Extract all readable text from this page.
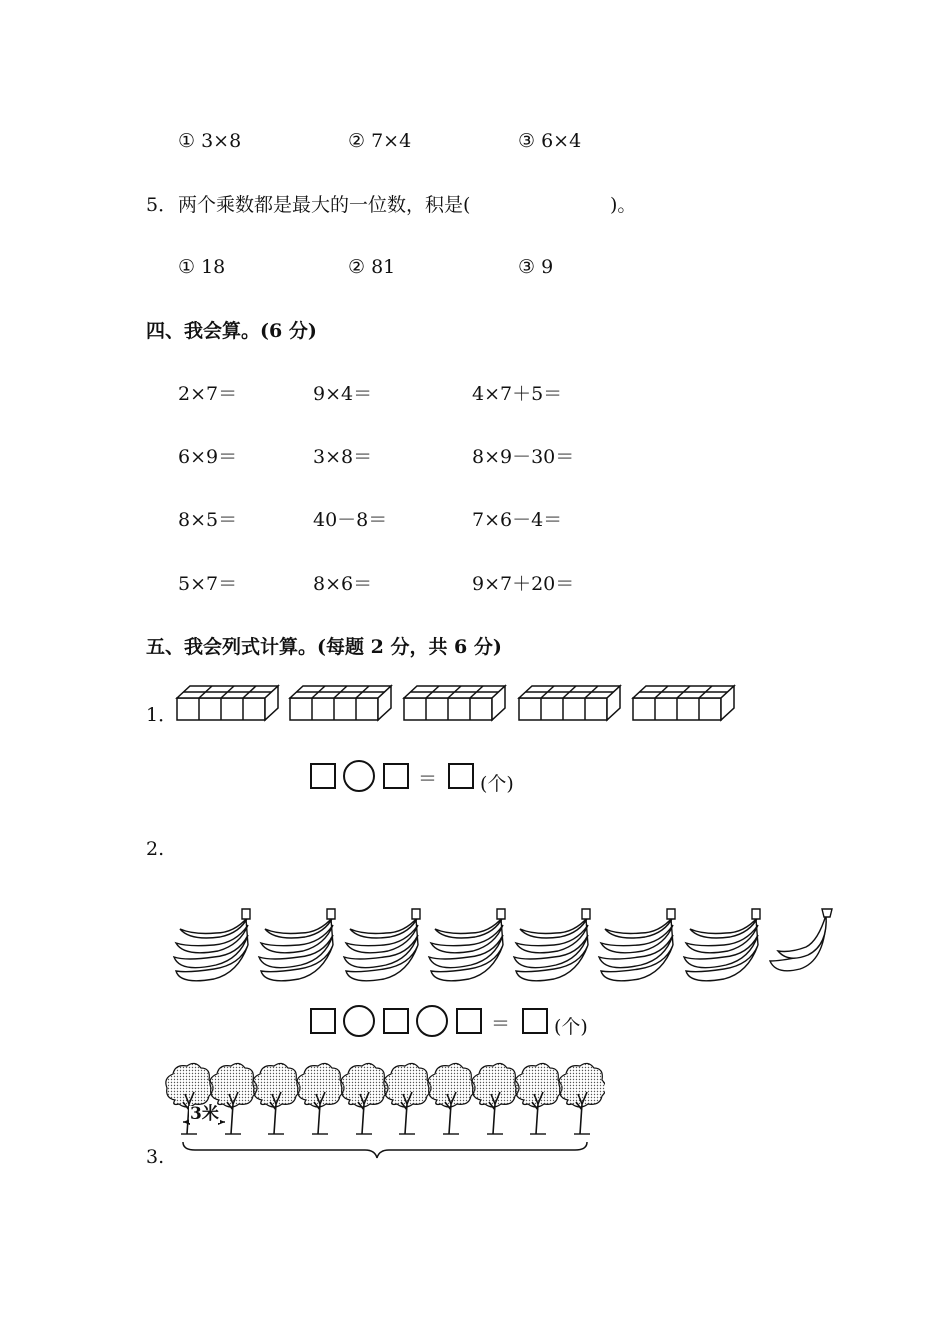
① 3×8	② 7×4	③ 6×4
5． 两个乘数都是最大的一位数，积是(	)。
① 18	② 81	③ 9
四、我会算。(6 分)
2×7＝	9×4＝	4×7＋5＝
6×9＝	3×8＝	8×9－30＝
8×5＝	40－8＝	7×6－4＝
5×7＝	8×6＝	9×7＋20＝
五、我会列式计算。(每题 2 分，共 6 分)
1．
＝ (个)
2.
＝ (个)
3米
3.
